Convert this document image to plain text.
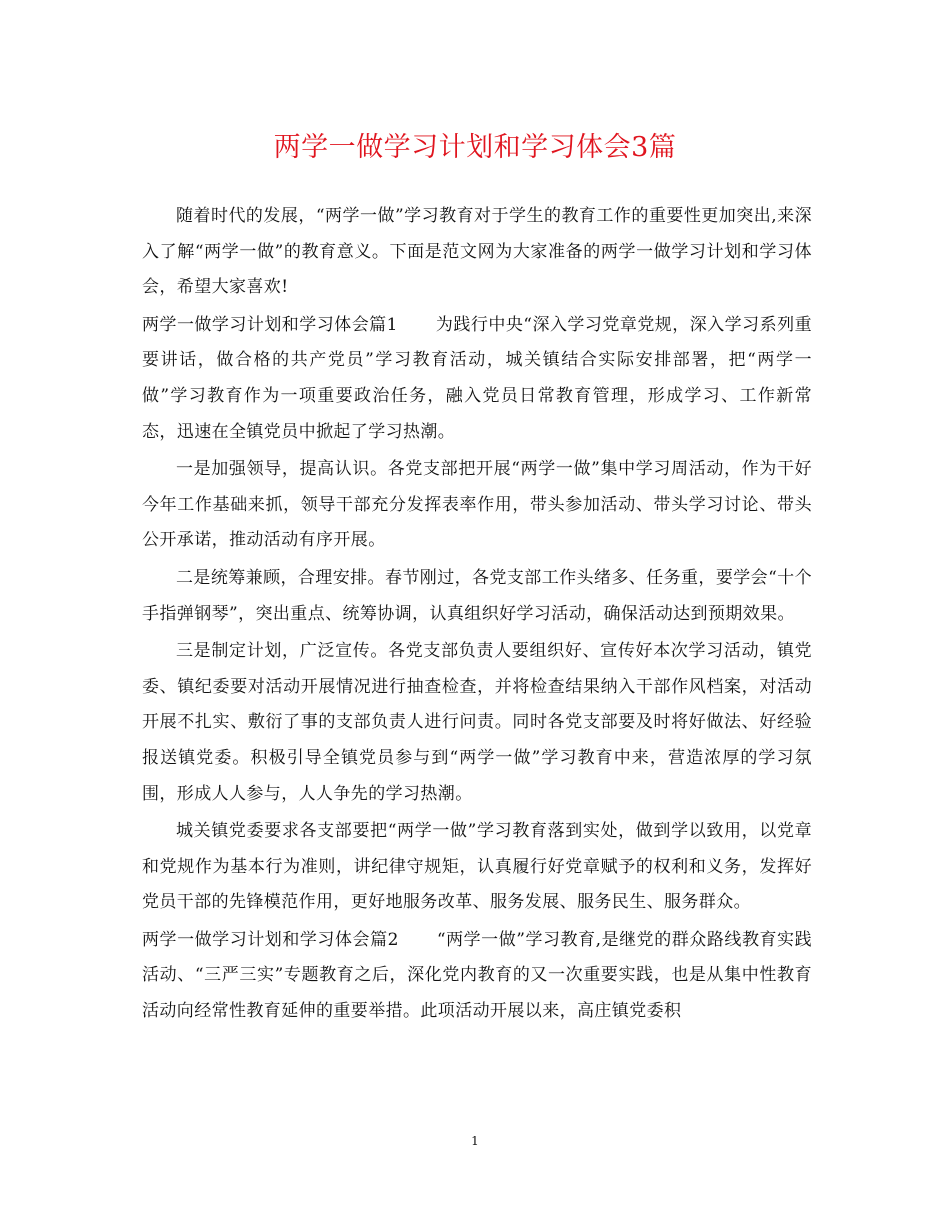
两学一做学习计划和学习体会3篇

随着时代的发展，“两学一做”学习教育对于学生的教育工作的重要性更加突出,来深入了解“两学一做”的教育意义。下面是范文网为大家准备的两学一做学习计划和学习体会，希望大家喜欢!

两学一做学习计划和学习体会篇1 为践行中央“深入学习党章党规，深入学习系列重要讲话，做合格的共产党员”学习教育活动，城关镇结合实际安排部署，把“两学一做”学习教育作为一项重要政治任务，融入党员日常教育管理，形成学习、工作新常态，迅速在全镇党员中掀起了学习热潮。

一是加强领导，提高认识。各党支部把开展“两学一做”集中学习周活动，作为干好今年工作基础来抓，领导干部充分发挥表率作用，带头参加活动、带头学习讨论、带头公开承诺，推动活动有序开展。

二是统筹兼顾，合理安排。春节刚过，各党支部工作头绪多、任务重，要学会“十个手指弹钢琴”，突出重点、统筹协调，认真组织好学习活动，确保活动达到预期效果。

三是制定计划，广泛宣传。各党支部负责人要组织好、宣传好本次学习活动，镇党委、镇纪委要对活动开展情况进行抽查检查，并将检查结果纳入干部作风档案，对活动开展不扎实、敷衍了事的支部负责人进行问责。同时各党支部要及时将好做法、好经验报送镇党委。积极引导全镇党员参与到“两学一做”学习教育中来，营造浓厚的学习氛围，形成人人参与，人人争先的学习热潮。

城关镇党委要求各支部要把“两学一做”学习教育落到实处，做到学以致用，以党章和党规作为基本行为准则，讲纪律守规矩，认真履行好党章赋予的权利和义务，发挥好党员干部的先锋模范作用，更好地服务改革、服务发展、服务民生、服务群众。

两学一做学习计划和学习体会篇2 “两学一做”学习教育,是继党的群众路线教育实践活动、“三严三实”专题教育之后，深化党内教育的又一次重要实践，也是从集中性教育活动向经常性教育延伸的重要举措。此项活动开展以来，高庄镇党委积

1
